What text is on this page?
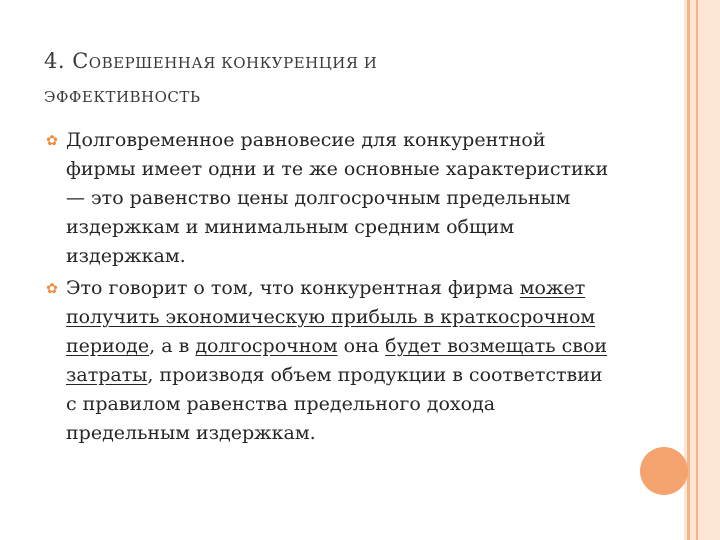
4. СОВЕРШЕННАЯ КОНКУРЕНЦИЯ И
ЭФФЕКТИВНОСТЬ
✿ Долговременное равновесие для конкурентной фирмы имеет одни и те же основные характеристики — это равенство цены долгосрочным предельным издержкам и минимальным средним общим издержкам.
✿ Это говорит о том, что конкурентная фирма может получить экономическую прибыль в краткосрочном периоде, а в долгосрочном она будет возмещать свои затраты, производя объем продукции в соответствии с правилом равенства предельного дохода предельным издержкам.
